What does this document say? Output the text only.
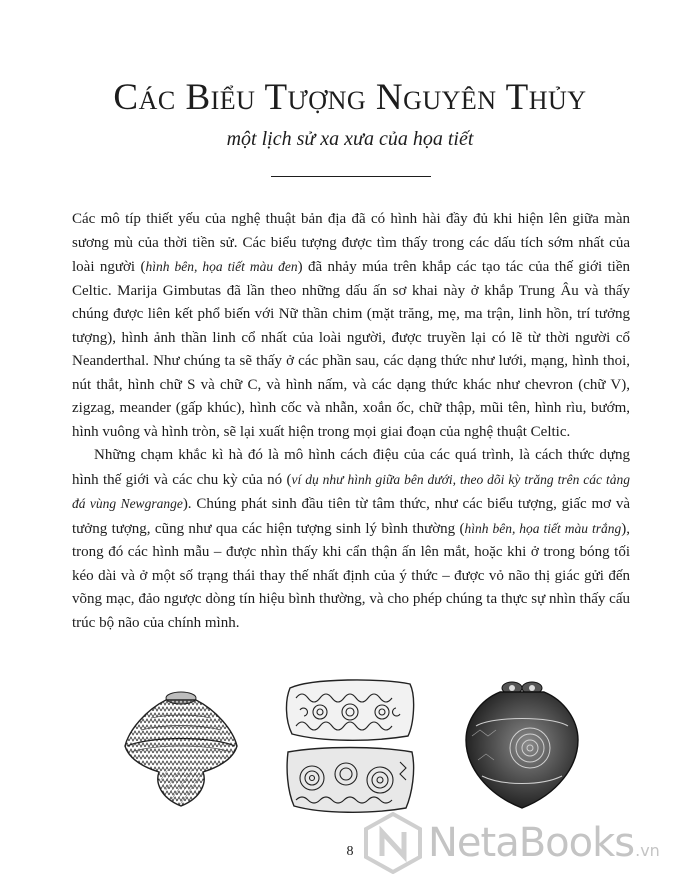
Các Biểu Tượng Nguyên Thủy
một lịch sử xa xưa của họa tiết

Các mô típ thiết yếu của nghệ thuật bản địa đã có hình hài đầy đủ khi hiện lên giữa màn sương mù của thời tiền sử. Các biểu tượng được tìm thấy trong các dấu tích sớm nhất của loài người (hình bên, họa tiết màu đen) đã nhảy múa trên khắp các tạo tác của thế giới tiền Celtic. Marija Gimbutas đã lần theo những dấu ấn sơ khai này ở khắp Trung Âu và thấy chúng được liên kết phổ biến với Nữ thần chim (mặt trăng, mẹ, ma trận, linh hồn, trí tưởng tượng), hình ảnh thần linh cổ nhất của loài người, được truyền lại có lẽ từ thời người cổ Neanderthal. Như chúng ta sẽ thấy ở các phần sau, các dạng thức như lưới, mạng, hình thoi, nút thắt, hình chữ S và chữ C, và hình nấm, và các dạng thức khác như chevron (chữ V), zigzag, meander (gấp khúc), hình cốc và nhẫn, xoắn ốc, chữ thập, mũi tên, hình rìu, bướm, hình vuông và hình tròn, sẽ lại xuất hiện trong mọi giai đoạn của nghệ thuật Celtic.

Những chạm khắc kì hà đó là mô hình cách điệu của các quá trình, là cách thức dựng hình thế giới và các chu kỳ của nó (ví dụ như hình giữa bên dưới, theo dõi kỳ trăng trên các tảng đá vùng Newgrange). Chúng phát sinh đầu tiên từ tâm thức, như các biểu tượng, giấc mơ và tưởng tượng, cũng như qua các hiện tượng sinh lý bình thường (hình bên, họa tiết màu trắng), trong đó các hình mẫu – được nhìn thấy khi cẩn thận ấn lên mắt, hoặc khi ở trong bóng tối kéo dài và ở một số trạng thái thay thế nhất định của ý thức – được vỏ não thị giác gửi đến võng mạc, đảo ngược dòng tín hiệu bình thường, và cho phép chúng ta thực sự nhìn thấy cấu trúc bộ não của chính mình.

8	NetaBooks .vn
